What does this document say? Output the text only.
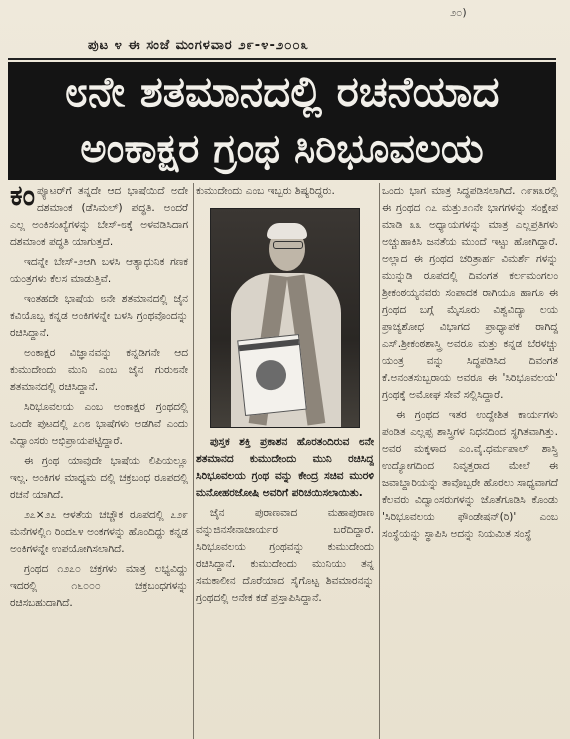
೨೦)
ಪುಟ ೪ ಈ ಸಂಜೆ ಮಂಗಳವಾರ ೨೯-೪-೨೦೦೩
೮ನೇ ಶತಮಾನದಲ್ಲಿ ರಚನೆಯಾದ
ಅಂಕಾಕ್ಷರ ಗ್ರಂಥ ಸಿರಿಭೂವಲಯ

ಕಂಪ್ಯೂಟರ್‌ಗೆ ತನ್ನದೇ ಆದ ಭಾಷೆಯಿದೆ ಅದೇ ದಶಮಾಂಕ (ಡೆಸಿಮಲ್) ಪದ್ಧತಿ. ಅಂದರೆ ಎಲ್ಲ ಅಂಕಿಸಂಖ್ಯೆಗಳನ್ನು ಬೇಸ್-೮ಕ್ಕೆ ಅಳವಡಿಸಿದಾಗ ದಶಮಾಂಕ ಪದ್ಧತಿ ಯಾಗುತ್ತದೆ.

ಇದನ್ನೇ ಬೇಸ್-೨ಆಗಿ ಬಳಸಿ ಆತ್ಯಾಧುನಿಕ ಗಣಕ ಯಂತ್ರಗಳು ಕೆಲಸ ಮಾಡುತ್ತಿವೆ.

ಇಂತಹದೇ ಭಾಷೆಯ ೮ನೇ ಶತಮಾನದಲ್ಲಿ ಜೈನ ಕವಿಯೊಬ್ಬ ಕನ್ನಡ ಅಂಕಿಗಳನ್ನೇ ಬಳಸಿ ಗ್ರಂಥವೊಂದನ್ನು ರಚಿಸಿದ್ದಾನೆ.

ಅಂಕಾಕ್ಷರ ವಿಜ್ಞಾನವನ್ನು ಕನ್ನಡಿಗನೇ ಆದ ಕುಮುದೇಂದು ಮುನಿ ಎಂಬ ಜೈನ ಗುರು೮ನೇ ಶತಮಾನದಲ್ಲಿ ರಚಿಸಿದ್ದಾನೆ.

ಸಿರಿಭೂವಲಯ ಎಂಬ ಅಂಕಾಕ್ಷರ ಗ್ರಂಥದಲ್ಲಿ ಒಂದೇ ಪುಟದಲ್ಲಿ ೭೧೮ ಭಾಷೆಗಳು ಅಡಗಿವೆ ಎಂದು ವಿದ್ವಾಂಸರು ಅಭಿಪ್ರಾಯಪಟ್ಟಿದ್ದಾರೆ.

ಈ ಗ್ರಂಥ ಯಾವುದೇ ಭಾಷೆಯ ಲಿಪಿಯಲ್ಲೂ ಇಲ್ಲ. ಅಂಕಿಗಳ ಮಾಧ್ಯಮ ದಲ್ಲಿ ಚಕ್ರಬಂಧ ರೂಪದಲ್ಲಿ ರಚನೆ ಯಾಗಿದೆ.

೨೭×೨೭ ಆಳತೆಯ ಚಚ್ಚೌಕ ರೂಪದಲ್ಲಿ ೭೨೯ ಮನೆಗಳಲ್ಲಿ೧ ರಿಂದ೬೪ ಅಂಕಗಳನ್ನು ಹೊಂದಿದ್ದು ಕನ್ನಡ ಅಂಕಿಗಳನ್ನೇ ಉಪಯೋಗಿಸಲಾಗಿದೆ.

ಗ್ರಂಥದ ೧೨೭೦ ಚಕ್ರಗಳು ಮಾತ್ರ ಲಭ್ಯವಿದ್ದು ಇದರಲ್ಲಿ ೧೬೦೦೦ ಚಕ್ರಬಂಧಗಳನ್ನು ರಚಿಸಬಹುದಾಗಿದೆ.

ಕುಮುದೇಂದು ಎಂಬ ಇಬ್ಬರು ಶಿಷ್ಯರಿದ್ದರು.

ಪುಸ್ತಕ ಶಕ್ತಿ ಪ್ರಕಾಶನ ಹೊರತಂದಿರುವ ೮ನೇ ಶತಮಾನದ ಕುಮುದೇಂದು ಮುನಿ ರಚಿಸಿದ್ದ ಸಿರಿಭೂವಲಯ ಗ್ರಂಥ ವನ್ನು ಕೇಂದ್ರ ಸಚಿವ ಮುರಳಿ ಮನೋಹರಜೋಷಿ ಅವರಿಗೆ ಪರಿಚಯಿಸಲಾಯಿತು.

ಜೈನ ಪುರಾಣವಾದ ಮಹಾಪುರಾಣ ವನ್ನುಜಿನಸೇನಾಚಾರ್ಯರ ಬರೆದಿದ್ದಾರೆ. ಸಿರಿಭೂವಲಯ ಗ್ರಂಥವನ್ನು ಕುಮುದೇಂದು ರಚಿಸಿದ್ದಾನೆ. ಕುಮುದೇಂದು ಮುನಿಯು ತನ್ನ ಸಮಕಾಲೀನ ದೊರೆಯಾದ ಸೈಗೊಟ್ಟ ಶಿವಮಾರನನ್ನು ಗ್ರಂಥದಲ್ಲಿ ಅನೇಕ ಕಡೆ ಪ್ರಸ್ತಾಪಿಸಿದ್ದಾನೆ.

ಒಂದು ಭಾಗ ಮಾತ್ರ ಸಿದ್ಧಪಡಿಸಲಾಗಿದೆ. ೧೯೫೩ರಲ್ಲಿ ಈ ಗ್ರಂಥದ ೧೭ ಮತ್ತು೨೧ನೇ ಭಾಗಗಳನ್ನು ಸಂಕ್ಷೇಪ ಮಾಡಿ ೩೩ ಅಧ್ಯಾಯಗಳನ್ನು ಮಾತ್ರ ಎಲ್ಲಪ್ರತಿಗಳು ಅಚ್ಚುಹಾಕಿಸಿ ಜನತೆಯ ಮುಂದೆ ಇಟ್ಟು ಹೋಗಿದ್ದಾರೆ. ಅಲ್ಲಾದ ಈ ಗ್ರಂಥದ ಚರಿತ್ರಾರ್ಹ ವಿಮರ್ಶೆ ಗಳನ್ನು ಮುನ್ನುಡಿ ರೂಪದಲ್ಲಿ ದಿವಂಗತ ಕರ್ಲಮಂಗಲಂ ಶ್ರೀಕಂಠಯ್ಯನವರು ಸಂಪಾದಕ ರಾಗಿಯೂ ಹಾಗೂ ಈ ಗ್ರಂಥದ ಬಗ್ಗೆ ಮೈಸೂರು ವಿಶ್ವವಿದ್ಯಾ ಲಯ ಪ್ರಾಚ್ಯಶೋಧ ವಿಭಾಗದ ಪ್ರಾಧ್ಯಾಪಕ ರಾಗಿದ್ದ ಎಸ್.ಶ್ರೀಕಂಠಶಾಸ್ತ್ರಿ ಅವರೂ ಮತ್ತು ಕನ್ನಡ ಬೆರಳಚ್ಚು ಯಂತ್ರ ವನ್ನು ಸಿದ್ಧಪಡಿಸಿದ ದಿವಂಗತ ಕೆ.ಅನಂತಸುಬ್ಬರಾಯ ಅವರೂ ಈ 'ಸಿರಿಭೂವಲಯ' ಗ್ರಂಥಕ್ಕೆ ಅಮೋಘ ಸೇವೆ ಸಲ್ಲಿಸಿದ್ದಾರೆ.

ಈ ಗ್ರಂಥದ ಇತರ ಉದ್ದೇಶಿತ ಕಾರ್ಯಗಳು ಪಂಡಿತ ಎಲ್ಲಪ್ಪ ಶಾಸ್ತ್ರಿಗಳ ನಿಧನದಿಂದ ಸ್ಥಗಿತವಾಗಿತ್ತು. ಅವರ ಮಕ್ಕಳಾದ ಎಂ.ವೈ.ಧರ್ಮಪಾಲ್ ಶಾಸ್ತ್ರಿ ಉದ್ಯೋಗದಿಂದ ನಿವೃತ್ತರಾದ ಮೇಲೆ ಈ ಜವಾಬ್ದಾರಿಯನ್ನು ತಾವೊಬ್ಬರೇ ಹೊರಲು ಸಾಧ್ಯವಾಗದೆ ಕೆಲವರು ವಿದ್ವಾಂಸರುಗಳನ್ನು ಜೊತೆಗೂಡಿಸಿ ಕೊಂಡು 'ಸಿರಿಭೂವಲಯ ಫೌಂಡೇಷನ್(ರಿ)' ಎಂಬ ಸಂಸ್ಥೆಯನ್ನು ಸ್ಥಾಪಿಸಿ ಅದನ್ನು ನಿಯಮಿತ ಸಂಸ್ಥೆ
